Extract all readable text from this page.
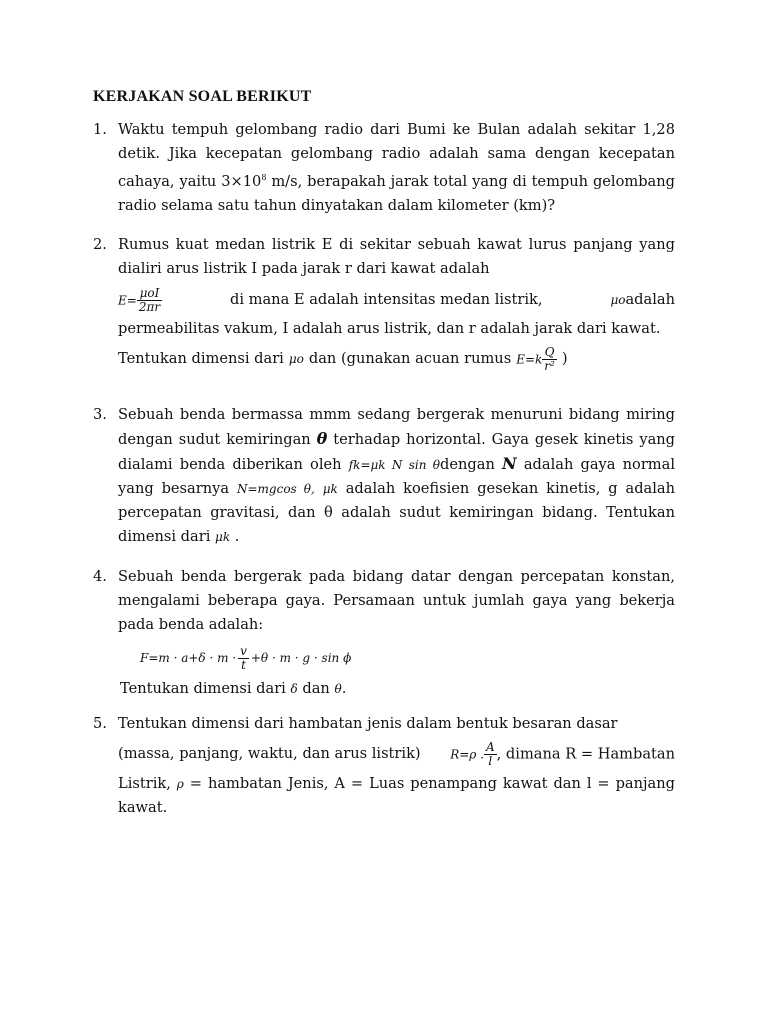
KERJAKAN SOAL BERIKUT
1. Waktu tempuh gelombang radio dari Bumi ke Bulan adalah sekitar 1,28 detik. Jika kecepatan gelombang radio adalah sama dengan kecepatan cahaya, yaitu $3\times 10^8$ m/s, berapakah jarak total yang di tempuh gelombang radio selama satu tahun dinyatakan dalam kilometer (km)?
2. Rumus kuat medan listrik E di sekitar sebuah kawat lurus panjang yang dialiri arus listrik I pada jarak r dari kawat adalah
$E= \frac{\text{μoI}}{2\pi r}$	di mana E adalah intensitas medan listrik,	μoadalah
permeabilitas vakum, I adalah arus listrik, dan r adalah jarak dari kawat.
Tentukan dimensi dari μo dan (gunakan acuan rumus $E=k \frac{Q}{\text{r²}}$ )
3. Sebuah benda bermassa mmm sedang bergerak menuruni bidang miring dengan sudut kemiringan θ terhadap horizontal. Gaya gesek kinetis yang dialami benda diberikan oleh fk=μk N sin θdengan N adalah gaya normal yang besarnya N=mgcos θ, μk adalah koefisien gesekan kinetis, g adalah percepatan gravitasi, dan θ adalah sudut kemiringan bidang. Tentukan dimensi dari μk .
4. Sebuah benda bergerak pada bidang datar dengan percepatan konstan, mengalami beberapa gaya. Persamaan untuk jumlah gaya yang bekerja pada benda adalah:
$F=m \cdot a+\delta \cdot m \cdot \frac{v}{t} +\theta \cdot m \cdot g \cdot \sin \phi$
Tentukan dimensi dari δ dan θ.
5. Tentukan dimensi dari hambatan jenis dalam bentuk besaran dasar
(massa, panjang, waktu, dan arus listrik) R=ρ . $\frac{A}{l}$ , dimana R = Hambatan
Listrik, ρ = hambatan Jenis, A = Luas penampang kawat dan l = panjang kawat.
